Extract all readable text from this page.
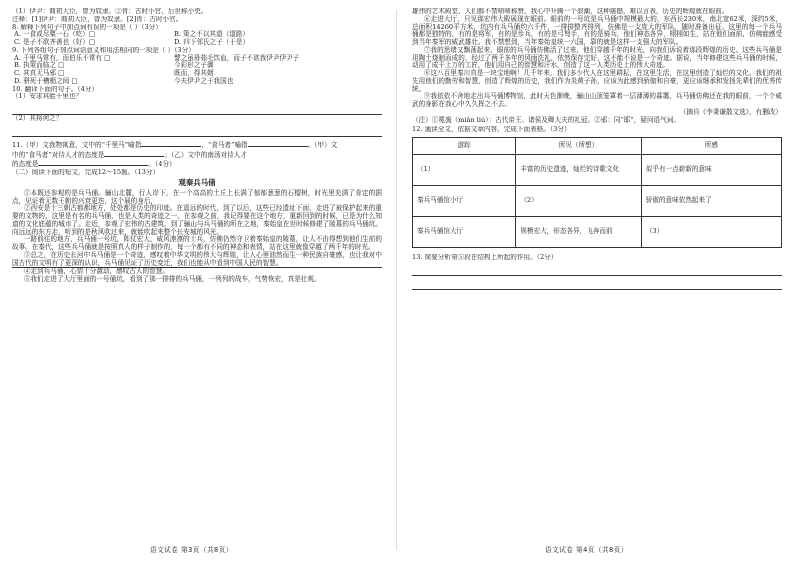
（1）伊尹：商初大臣，曾为奴隶。②胥：古时小官，后世称小吏。
注释：[1]伊尹：商初大臣，曾为奴隶。[2]胥：古时小官。
8. 解释下列句子中加点词有误的一项是（ ）（3分）
A. 一食或尽粟一石（吃）□	B. 策之不以其道（道路）
C. 是子不欲齐善也（好）□	D. 四下邻氏之子（于是）
9. 下列各组句子加点词语意义和用法相同的一项是（ ）（3分）
A. 千里马常有，而伯乐不常有 □	譬之虽毋茹毛饮血，而子不欲我伊尹伊尹子
B. 执策而临之 □	今彩形之子御
C. 其真无马邪 □	既而，得其姻
D. 骈死于槽枥之间 □	今夫伊尹之于我国也
10. 翻译下面的句子。（4分）
（1）安求其能千里也？
（2）其将何之？
11.（甲）文我物寓意，文中的“千里马”喻指	，“食马者”喻指	。（甲）文
中的“食马者”对待人才的态度是	；（乙）文中的南汤对待人才
的态度是	。（4分）
（二）阅读下面的短文，完成12～15题。（13分）
观秦兵马俑
①本既还参观的是兵马俑。骊山北麓，行人岸下，在一个高高的土丘上长满了郁郁葱葱的石榴树，时光里充满了肯定的据点，见证着无数王朝的兴衰更迭，这个展的身后，
②西安是十三朝古都都地方，处处都是历史的印迹。在遥远的时代，到了以后，这些已经遗址下面，走进了被保护起来的重要的文物的，这里是有名的兵马俑，也是人类的奇迹之一。在参观之前，我记得要在这个地方，重新回到的时候，已是为什么知道的文化底蕴的城市了。走近，参观了宏伟的古建筑，到了骊山与兵马俑的所在之地，秦始皇在世时候修建了陵墓的兵马俑坑。向远远的东方走，听到的是秋风吹过来，就能吹起来整个长安城的风光。
一路前往的地方，兵马俑一号坑，阵仗宏大，威风凛凛的士兵，仿佛仍然守卫着秦始皇的陵墓，让人不由得想到他们生前的故事。在秦代，这些兵马俑就是按照真人的样子制作的，每一个都有不同的神态和表情，站在这里就像穿越了两千年的时光。
③总之，在历史长河中兵马俑是一个奇迹，感叹着中华文明的伟大与辉煌，让人心里油然而生一种民族自豪感，也让我对中国古代的文明有了更深的认识，兵马俑见证了历史变迁，我们也能从中看到中国人民的智慧。
④走到兵马俑，心情十分激动，感叹古人的智慧。
⑤我们走进了大厅里面的一号俑坑，看到了那一排排的兵马俑，一列列的战车，气势恢宏，真是壮观。
语文试卷 第3页（共8页）
雄伟的艺术殿堂，人们都不禁啧啧称赞，我心中升腾一个浪潮，这种震撼，难以言表，历史的辉煌就在眼前。
⑥走进大厅，只见那宏伟大殿展现在眼前。眼前的一号坑是兵马俑中规模最大的，东西长230米，南北宽62米，深约5米，总面积14260平方米，坑内有兵马俑约六千件，一排排整齐排列，仿佛是一支庞大的军队，随时准备出征。这里的每一个兵马俑都是独特的，有的是将军，有的是步兵，有的是弓弩手，有的是骑兵，他们神态各异，栩栩如生，站在他们面前，仿佛能感受到当年秦军的威武雄壮。我不禁想到，当年秦始皇统一六国，靠的就是这样一支强大的军队。
⑦我的思绪又飘荡起来，眼前的兵马俑仿佛活了过来，他们穿越千年的时光，向我们诉说着那段辉煌的历史。这些兵马俑是用陶土烧制而成的，经过了两千多年的风雨洗礼，依然保存完好，这不能不说是一个奇迹。据说，当年修建这些兵马俑的时候，动用了成千上万的工匠，他们用自己的智慧和汗水，创造了这一人类历史上的伟大奇迹。
⑧这八百里秦川真是一块宝地啊！几千年来，我们多少代人在这里耕耘，在这里生活，在这里创造了灿烂的文化。我们的祖先用他们的勤劳和智慧，创造了辉煌的历史，我们作为炎黄子孙，应该为此感到骄傲和自豪，更应该继承和发扬先辈们的优秀传统。
⑨我依依不舍地走出兵马俑博物馆，此时天色渐晚，骊山山顶笼罩着一层薄薄的暮霭，兵马俑仿佛还在我的眼前，一个个威武的身影在我心中久久挥之不去。
（摘自《李秉谦散文选》，有删改）
（注）①冕旒（miǎn liú）：古代帝王、诸侯及卿大夫的礼冠。②邪：同“耶”，疑问语气词。
12. 通读全文，依据文章内容，完成下面表格。（3分）
游踪	所见（所想）	所感
（1）	丰富的历史遗迹，灿烂的诗歌文化	似乎有一点崭新的意味
秦兵马俑馆小厅	（2）	骄傲的意味依然起来了
秦兵马俑馆大厅	规模宏大，形态各异，飞奔而前	（3）
13. 简要分析第⑤段在结构上所起的作用。（2分）
语文试卷 第4页（共8页）
